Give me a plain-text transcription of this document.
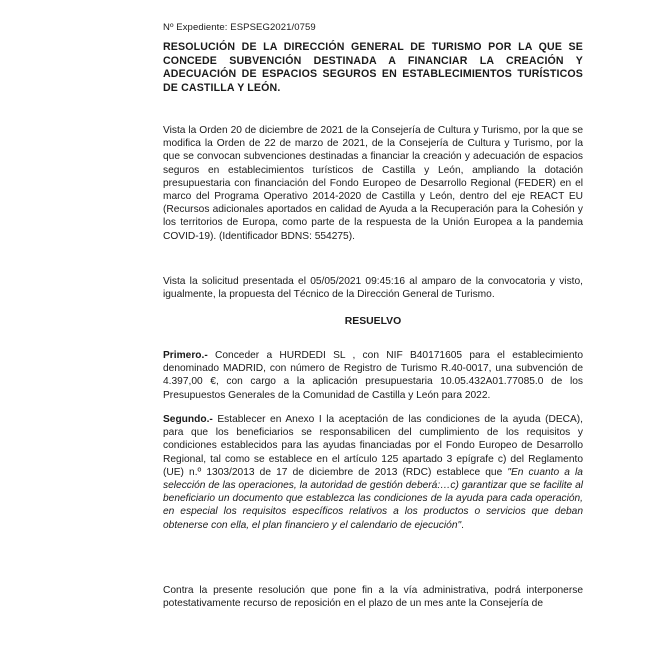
Nº Expediente: ESPSEG2021/0759
RESOLUCIÓN DE LA DIRECCIÓN GENERAL DE TURISMO POR LA QUE SE CONCEDE SUBVENCIÓN DESTINADA A FINANCIAR LA CREACIÓN Y ADECUACIÓN DE ESPACIOS SEGUROS EN ESTABLECIMIENTOS TURÍSTICOS DE CASTILLA Y LEÓN.
Vista la Orden 20 de diciembre de 2021 de la Consejería de Cultura y Turismo, por la que se modifica la Orden de 22 de marzo de 2021, de la Consejería de Cultura y Turismo, por la que se convocan subvenciones destinadas a financiar la creación y adecuación de espacios seguros en establecimientos turísticos de Castilla y León, ampliando la dotación presupuestaria con financiación del Fondo Europeo de Desarrollo Regional (FEDER) en el marco del Programa Operativo 2014-2020 de Castilla y León, dentro del eje REACT EU (Recursos adicionales aportados en calidad de Ayuda a la Recuperación para la Cohesión y los territorios de Europa, como parte de la respuesta de la Unión Europea a la pandemia COVID-19). (Identificador BDNS: 554275).
Vista la solicitud presentada el 05/05/2021 09:45:16 al amparo de la convocatoria y visto, igualmente, la propuesta del Técnico de la Dirección General de Turismo.
RESUELVO
Primero.- Conceder a HURDEDI SL , con NIF B40171605 para el establecimiento denominado MADRID, con número de Registro de Turismo R.40-0017, una subvención de 4.397,00 €, con cargo a la aplicación presupuestaria 10.05.432A01.77085.0 de los Presupuestos Generales de la Comunidad de Castilla y León para 2022.
Segundo.- Establecer en Anexo I la aceptación de las condiciones de la ayuda (DECA), para que los beneficiarios se responsabilicen del cumplimiento de los requisitos y condiciones establecidos para las ayudas financiadas por el Fondo Europeo de Desarrollo Regional, tal como se establece en el artículo 125 apartado 3 epígrafe c) del Reglamento (UE) n.º 1303/2013 de 17 de diciembre de 2013 (RDC) establece que "En cuanto a la selección de las operaciones, la autoridad de gestión deberá:…c) garantizar que se facilite al beneficiario un documento que establezca las condiciones de la ayuda para cada operación, en especial los requisitos específicos relativos a los productos o servicios que deban obtenerse con ella, el plan financiero y el calendario de ejecución".
Contra la presente resolución que pone fin a la vía administrativa, podrá interponerse potestativamente recurso de reposición en el plazo de un mes ante la Consejería de
